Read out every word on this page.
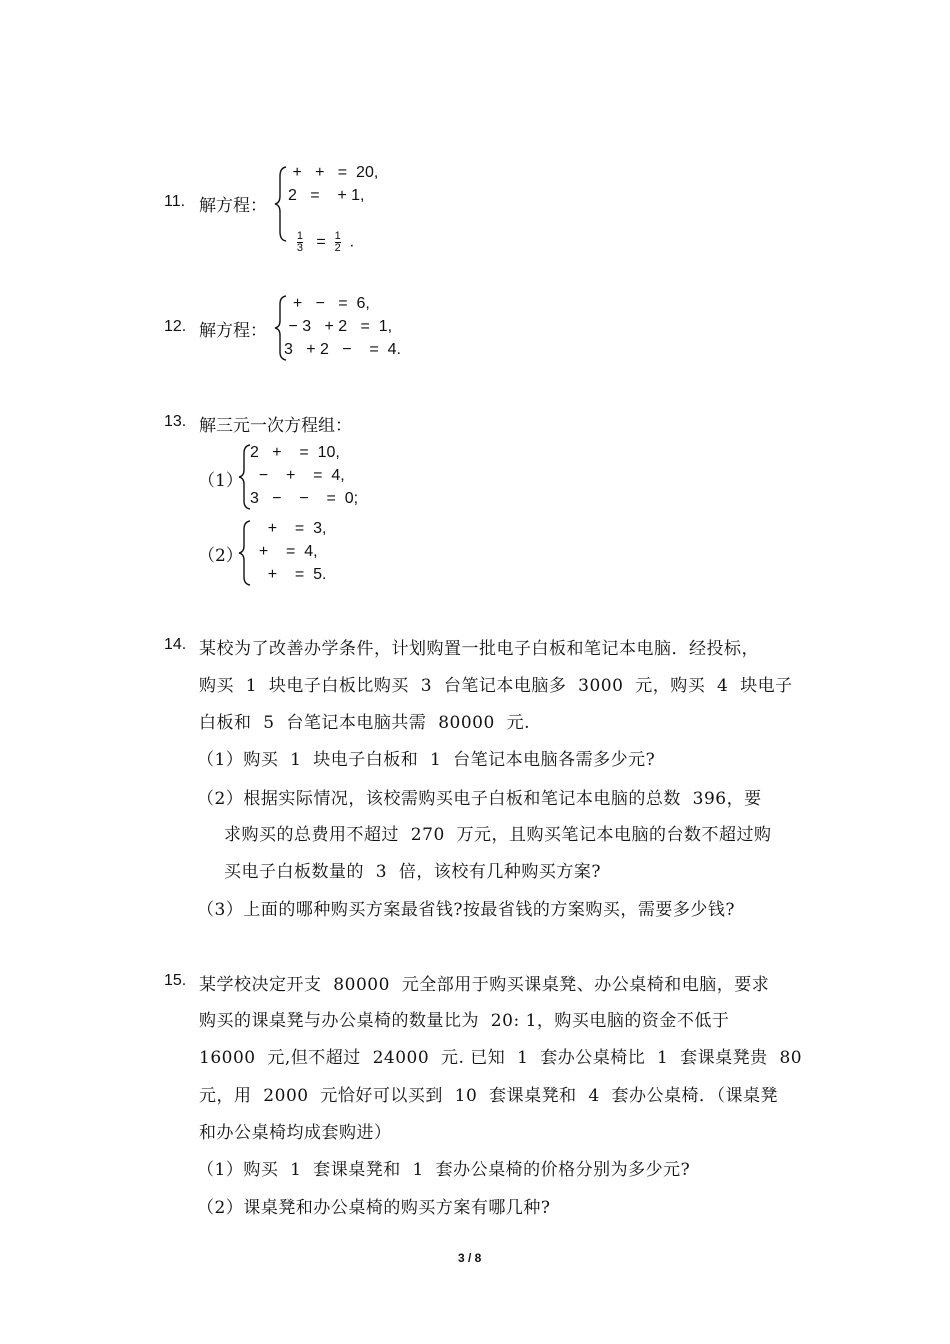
11. 解方程：
+   +   =  20,
2   =    + 1,

$\frac{1}{3} = \frac{1}{2}$ .

12. 解方程：
+   −   =  6,
− 3   + 2   =  1,
3   + 2   −    =  4.
13. 解三元一次方程组：
（1）
2   +    =  10,
−    +    =  4,
3   −    −    =  0;
（2）
+    =  3,
+    =  4,
+    =  5.
14. 某校为了改善办学条件，计划购置一批电子白板和笔记本电脑．经投标，
购买  1  块电子白板比购买  3  台笔记本电脑多  3000  元，购买  4  块电子
白板和  5  台笔记本电脑共需  80000  元.
（1）购买  1  块电子白板和  1  台笔记本电脑各需多少元?
（2）根据实际情况，该校需购买电子白板和笔记本电脑的总数  396，要
求购买的总费用不超过  270  万元，且购买笔记本电脑的台数不超过购
买电子白板数量的  3  倍，该校有几种购买方案?
（3）上面的哪种购买方案最省钱?按最省钱的方案购买，需要多少钱?
15. 某学校决定开支  80000  元全部用于购买课桌凳、办公桌椅和电脑，要求
购买的课桌凳与办公桌椅的数量比为  20: 1，购买电脑的资金不低于
16000  元,但不超过  24000  元. 已知  1  套办公桌椅比  1  套课桌凳贵  80
元，用  2000  元恰好可以买到  10  套课桌凳和  4  套办公桌椅．（课桌凳
和办公桌椅均成套购进）
（1）购买  1  套课桌凳和  1  套办公桌椅的价格分别为多少元?
（2）课桌凳和办公桌椅的购买方案有哪几种?
3 / 8
